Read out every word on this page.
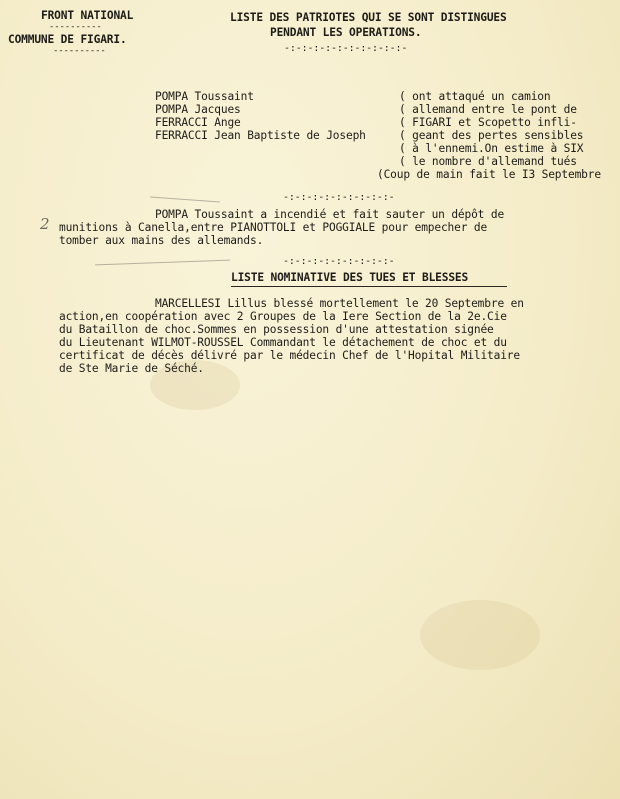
FRONT NATIONAL

----------

COMMUNE DE FIGARI.

----------

LISTE DES PATRIOTES QUI SE SONT DISTINGUES

PENDANT LES OPERATIONS.

-:-:-:-:-:-:-:-:-:-:-

POMPA Toussaint

POMPA Jacques

FERRACCI Ange

FERRACCI Jean Baptiste de Joseph

( ont attaqué un camion

( allemand entre le pont de

( FIGARI et Scopetto infli-

( geant des pertes sensibles

( à l'ennemi.On estime à SIX

( le nombre d'allemand tués

(Coup de main fait le I3 Septembre

-:-:-:-:-:-:-:-:-:-

2

POMPA Toussaint a incendié et fait sauter un dépôt de

munitions à Canella,entre PIANOTTOLI et POGGIALE pour empecher de

tomber aux mains des allemands.

-:-:-:-:-:-:-:-:-:-

LISTE NOMINATIVE DES TUES ET BLESSES

MARCELLESI Lillus blessé mortellement le 20 Septembre en

action,en coopération avec 2 Groupes de la Iere Section de la 2e.Cie

du Bataillon de choc.Sommes en possession d'une attestation signée

du Lieutenant WILMOT-ROUSSEL Commandant le détachement de choc et du

certificat de décès délivré par le médecin Chef de l'Hopital Militaire

de Ste Marie de Séché.
